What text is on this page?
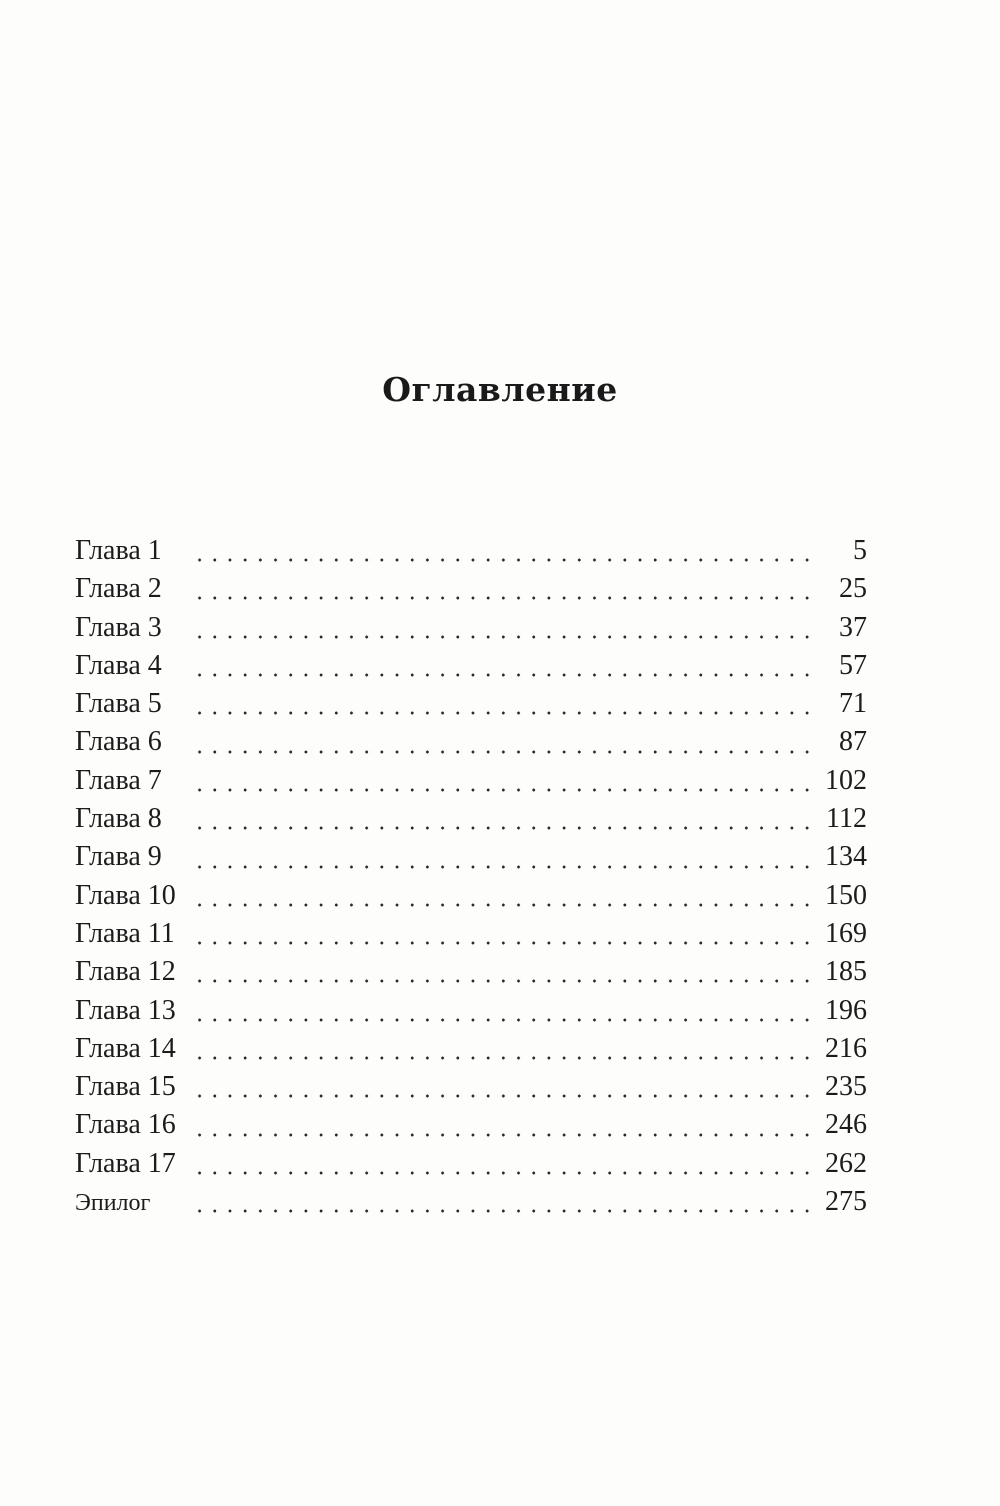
Оглавление
Глава 1	5
Глава 2	25
Глава 3	37
Глава 4	57
Глава 5	71
Глава 6	87
Глава 7	102
Глава 8	112
Глава 9	134
Глава 10	150
Глава 11	169
Глава 12	185
Глава 13	196
Глава 14	216
Глава 15	235
Глава 16	246
Глава 17	262
Эпилог	275
